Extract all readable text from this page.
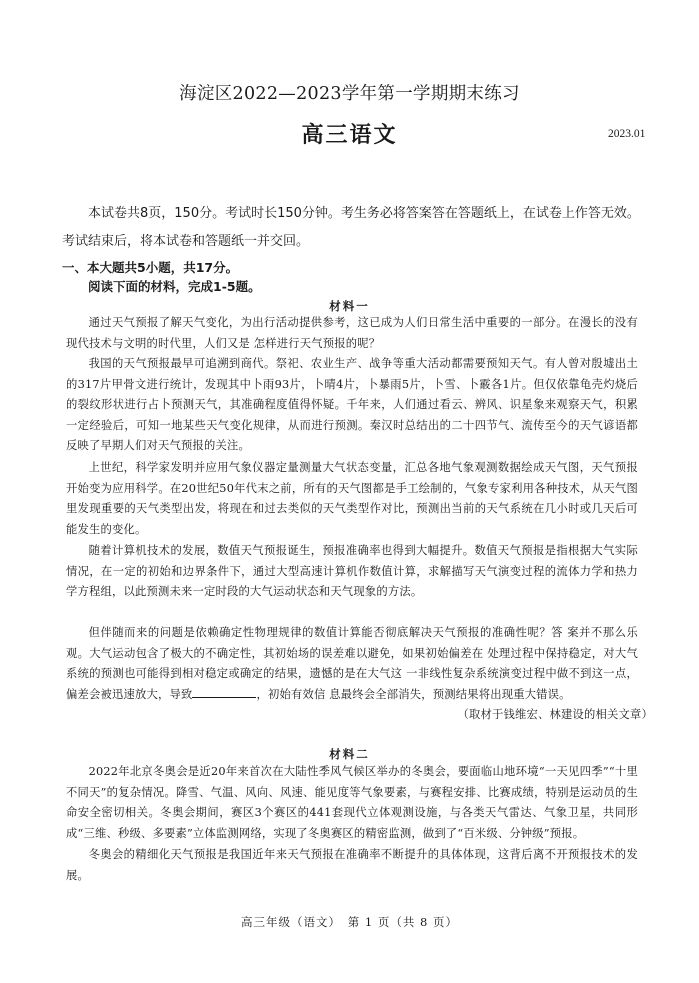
海淀区2022—2023学年第一学期期末练习
高三语文	2023.01

本试卷共8页，150分。考试时长150分钟。考生务必将答案答在答题纸上，在试卷上作答无效。考试结束后，将本试卷和答题纸一并交回。

一、本大题共5小题，共17分。
阅读下面的材料，完成1-5题。
材料一

通过天气预报了解天气变化，为出行活动提供参考，这已成为人们日常生活中重要的一部分。在漫长的没有现代技术与文明的时代里，人们又是 怎样进行天气预报的呢？

我国的天气预报最早可追溯到商代。祭祀、农业生产、战争等重大活动都需要预知天气。有人曾对殷墟出土的317片甲骨文进行统计，发现其中卜雨93片，卜晴4片，卜暴雨5片，卜雪、卜霰各1片。但仅依靠龟壳灼烧后的裂纹形状进行占卜预测天气，其准确程度值得怀疑。千年来，人们通过看云、辨风、识星象来观察天气，积累一定经验后，可知一地某些天气变化规律，从而进行预测。秦汉时总结出的二十四节气、流传至今的天气谚语都反映了早期人们对天气预报的关注。

上世纪，科学家发明并应用气象仪器定量测量大气状态变量，汇总各地气象观测数据绘成天气图，天气预报开始变为应用科学。在20世纪50年代末之前，所有的天气图都是手工绘制的，气象专家利用各种技术，从天气图里发现重要的天气类型出发，将现在和过去类似的天气类型作对比，预测出当前的天气系统在几小时或几天后可能发生的变化。

随着计算机技术的发展，数值天气预报诞生，预报准确率也得到大幅提升。数值天气预报是指根据大气实际情况，在一定的初始和边界条件下，通过大型高速计算机作数值计算，求解描写天气演变过程的流体力学和热力学方程组，以此预测未来一定时段的大气运动状态和天气现象的方法。

但伴随而来的问题是依赖确定性物理规律的数值计算能否彻底解决天气预报的准确性呢？答 案并不那么乐观。大气运动包含了极大的不确定性，其初始场的误差难以避免，如果初始偏差在 处理过程中保持稳定，对大气系统的预测也可能得到相对稳定或确定的结果，遗憾的是在大气这 一非线性复杂系统演变过程中做不到这一点，偏差会被迅速放大，导致	，初始有效信 息最终会全部消失，预测结果将出现重大错误。

（取材于钱维宏、林建设的相关文章）
材料二

2022年北京冬奥会是近20年来首次在大陆性季风气候区举办的冬奥会，要面临山地环境“一天见四季”“十里不同天”的复杂情况。降雪、气温、风向、风速、能见度等气象要素，与赛程安排、比赛成绩，特别是运动员的生命安全密切相关。冬奥会期间，赛区3个赛区的441套现代立体观测设施，与各类天气雷达、气象卫星，共同形成“三维、秒级、多要素”立体监测网络，实现了冬奥赛区的精密监测，做到了“百米级、分钟级”预报。

冬奥会的精细化天气预报是我国近年来天气预报在准确率不断提升的具体体现，这背后离不开预报技术的发展。

高三年级（语文）　第 1 页（共 8 页）
